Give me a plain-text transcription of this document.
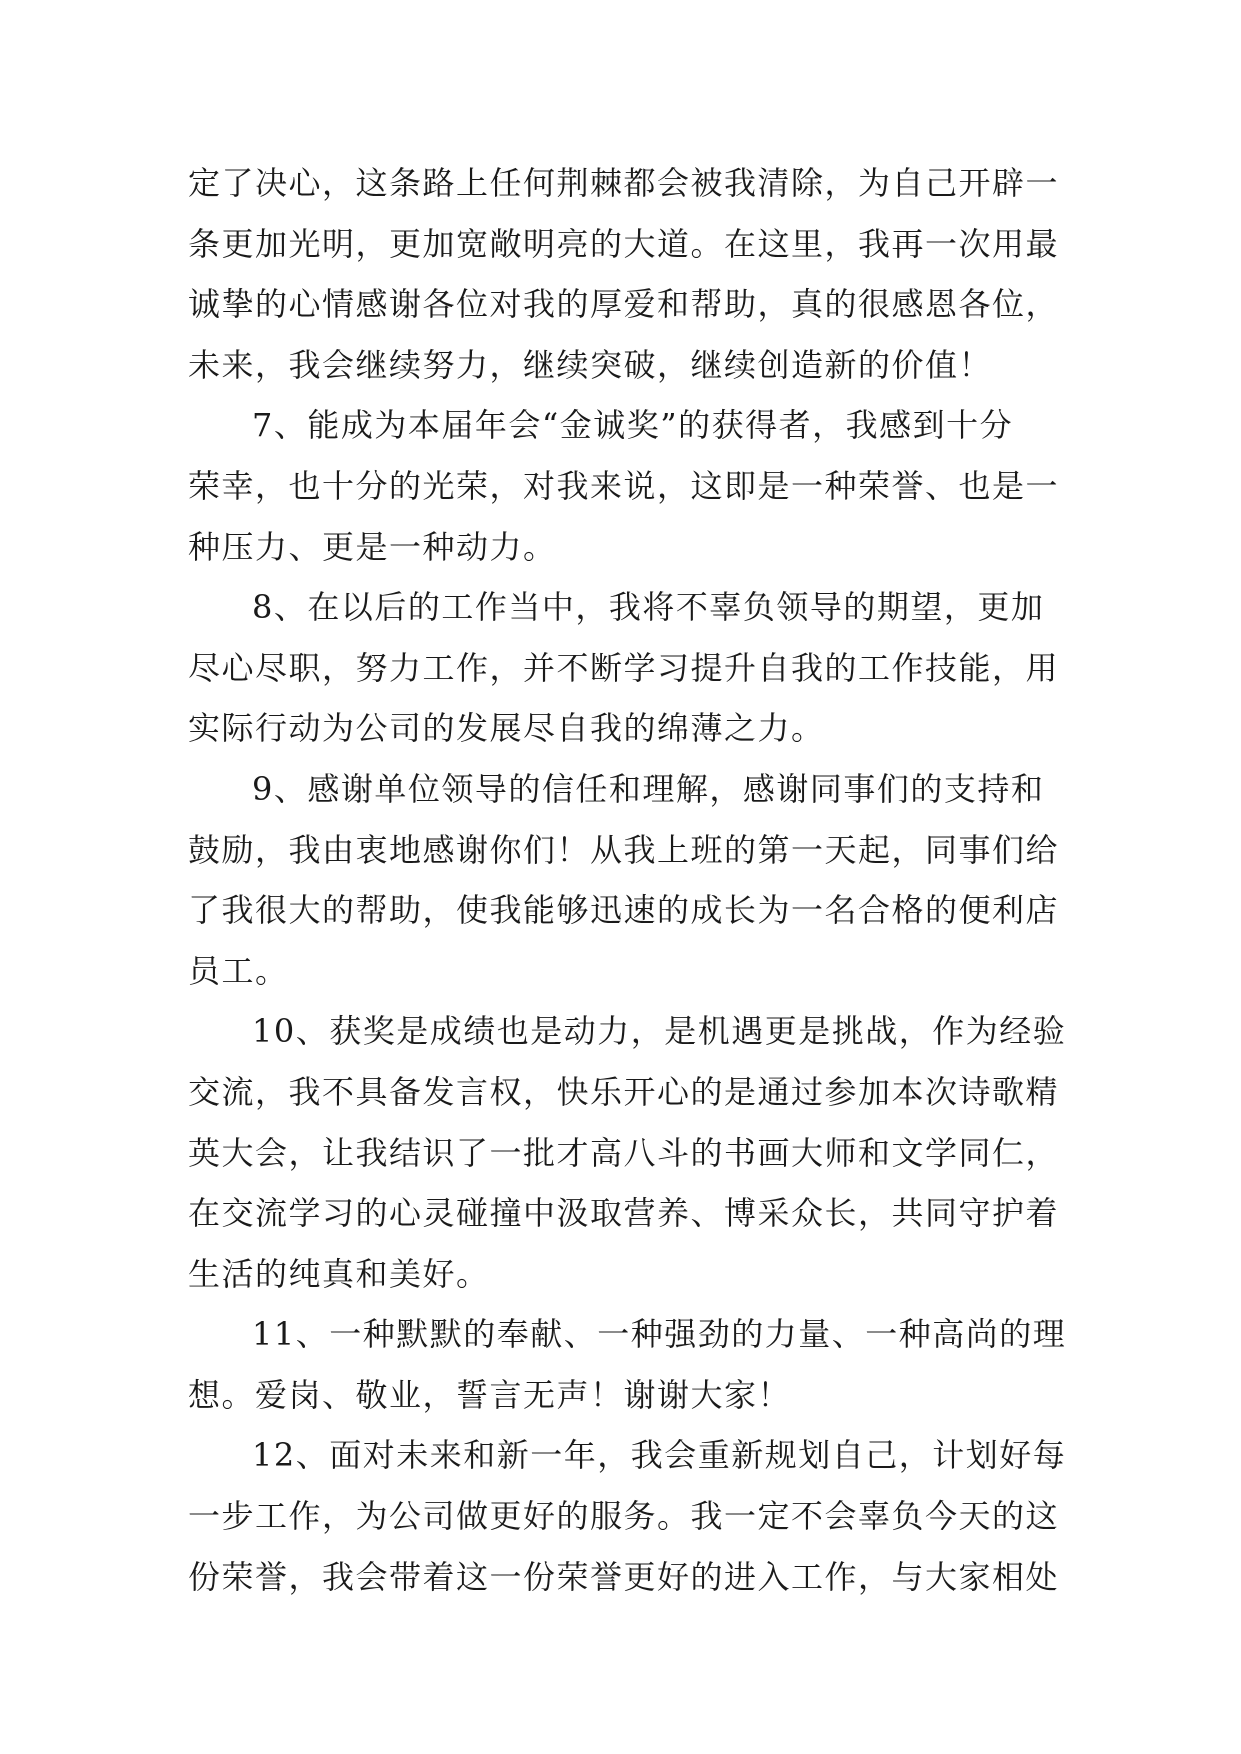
定了决心，这条路上任何荆棘都会被我清除，为自己开辟一
条更加光明，更加宽敞明亮的大道。在这里，我再一次用最
诚挚的心情感谢各位对我的厚爱和帮助，真的很感恩各位，
未来，我会继续努力，继续突破，继续创造新的价值！
7、能成为本届年会“金诚奖”的获得者，我感到十分
荣幸，也十分的光荣，对我来说，这即是一种荣誉、也是一
种压力、更是一种动力。
8、在以后的工作当中，我将不辜负领导的期望，更加
尽心尽职，努力工作，并不断学习提升自我的工作技能，用
实际行动为公司的发展尽自我的绵薄之力。
9、感谢单位领导的信任和理解，感谢同事们的支持和
鼓励，我由衷地感谢你们！从我上班的第一天起，同事们给
了我很大的帮助，使我能够迅速的成长为一名合格的便利店
员工。
10、获奖是成绩也是动力，是机遇更是挑战，作为经验
交流，我不具备发言权，快乐开心的是通过参加本次诗歌精
英大会，让我结识了一批才高八斗的书画大师和文学同仁，
在交流学习的心灵碰撞中汲取营养、博采众长，共同守护着
生活的纯真和美好。
11、一种默默的奉献、一种强劲的力量、一种高尚的理
想。爱岗、敬业，誓言无声！谢谢大家！
12、面对未来和新一年，我会重新规划自己，计划好每
一步工作，为公司做更好的服务。我一定不会辜负今天的这
份荣誉，我会带着这一份荣誉更好的进入工作，与大家相处
